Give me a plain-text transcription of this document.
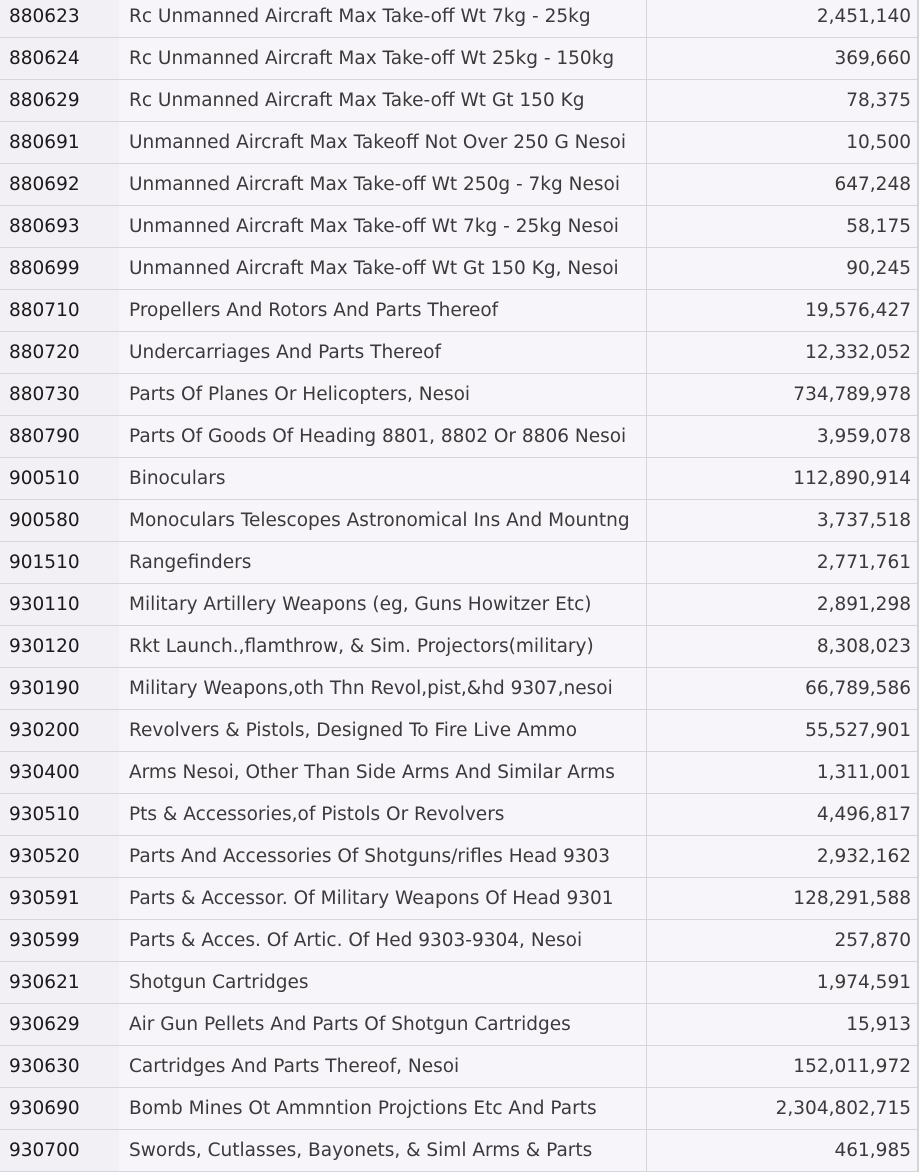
880623	Rc Unmanned Aircraft Max Take-off Wt 7kg - 25kg	2,451,140
880624	Rc Unmanned Aircraft Max Take-off Wt 25kg - 150kg	369,660
880629	Rc Unmanned Aircraft Max Take-off Wt Gt 150 Kg	78,375
880691	Unmanned Aircraft Max Takeoff Not Over 250 G Nesoi	10,500
880692	Unmanned Aircraft Max Take-off Wt 250g - 7kg Nesoi	647,248
880693	Unmanned Aircraft Max Take-off Wt 7kg - 25kg Nesoi	58,175
880699	Unmanned Aircraft Max Take-off Wt Gt 150 Kg, Nesoi	90,245
880710	Propellers And Rotors And Parts Thereof	19,576,427
880720	Undercarriages And Parts Thereof	12,332,052
880730	Parts Of Planes Or Helicopters, Nesoi	734,789,978
880790	Parts Of Goods Of Heading 8801, 8802 Or 8806 Nesoi	3,959,078
900510	Binoculars	112,890,914
900580	Monoculars Telescopes Astronomical Ins And Mountng	3,737,518
901510	Rangefinders	2,771,761
930110	Military Artillery Weapons (eg, Guns Howitzer Etc)	2,891,298
930120	Rkt Launch.,flamthrow, & Sim. Projectors(military)	8,308,023
930190	Military Weapons,oth Thn Revol,pist,&hd 9307,nesoi	66,789,586
930200	Revolvers & Pistols, Designed To Fire Live Ammo	55,527,901
930400	Arms Nesoi, Other Than Side Arms And Similar Arms	1,311,001
930510	Pts & Accessories,of Pistols Or Revolvers	4,496,817
930520	Parts And Accessories Of Shotguns/rifles Head 9303	2,932,162
930591	Parts & Accessor. Of Military Weapons Of Head 9301	128,291,588
930599	Parts & Acces. Of Artic. Of Hed 9303-9304, Nesoi	257,870
930621	Shotgun Cartridges	1,974,591
930629	Air Gun Pellets And Parts Of Shotgun Cartridges	15,913
930630	Cartridges And Parts Thereof, Nesoi	152,011,972
930690	Bomb Mines Ot Ammntion Projctions Etc And Parts	2,304,802,715
930700	Swords, Cutlasses, Bayonets, & Siml Arms & Parts	461,985
